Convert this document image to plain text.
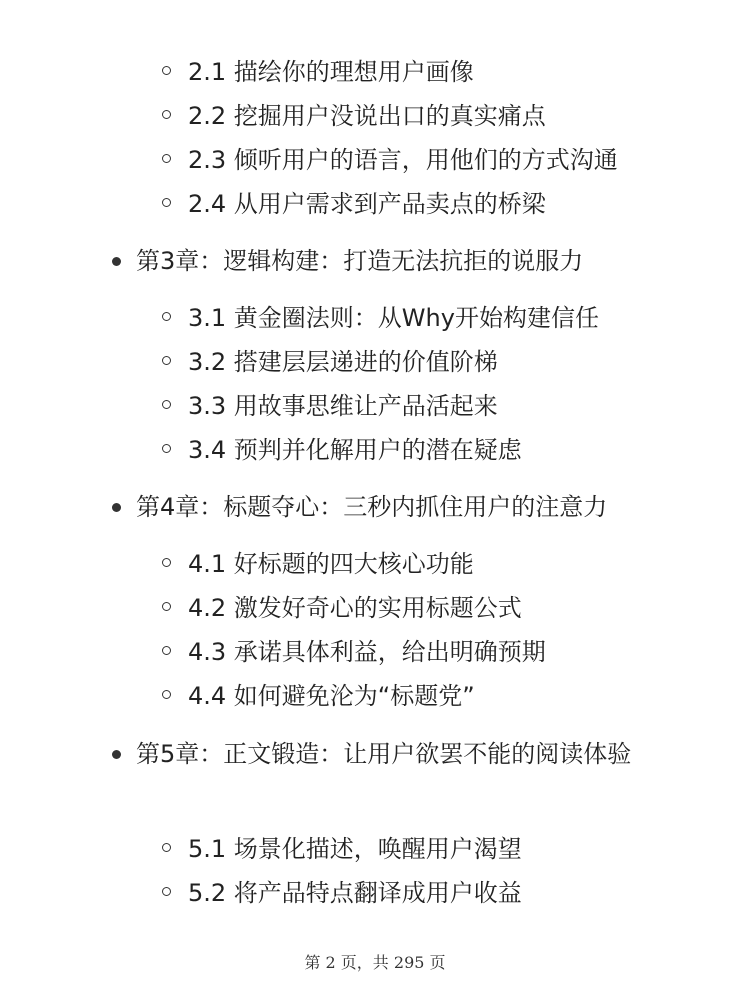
2.1 描绘你的理想用户画像
2.2 挖掘用户没说出口的真实痛点
2.3 倾听用户的语言，用他们的方式沟通
2.4 从用户需求到产品卖点的桥梁
第3章：逻辑构建：打造无法抗拒的说服力
3.1 黄金圈法则：从Why开始构建信任
3.2 搭建层层递进的价值阶梯
3.3 用故事思维让产品活起来
3.4 预判并化解用户的潜在疑虑
第4章：标题夺心：三秒内抓住用户的注意力
4.1 好标题的四大核心功能
4.2 激发好奇心的实用标题公式
4.3 承诺具体利益，给出明确预期
4.4 如何避免沦为“标题党”
第5章：正文锻造：让用户欲罢不能的阅读体验
5.1 场景化描述，唤醒用户渴望
5.2 将产品特点翻译成用户收益
第 2 页，共 295 页
